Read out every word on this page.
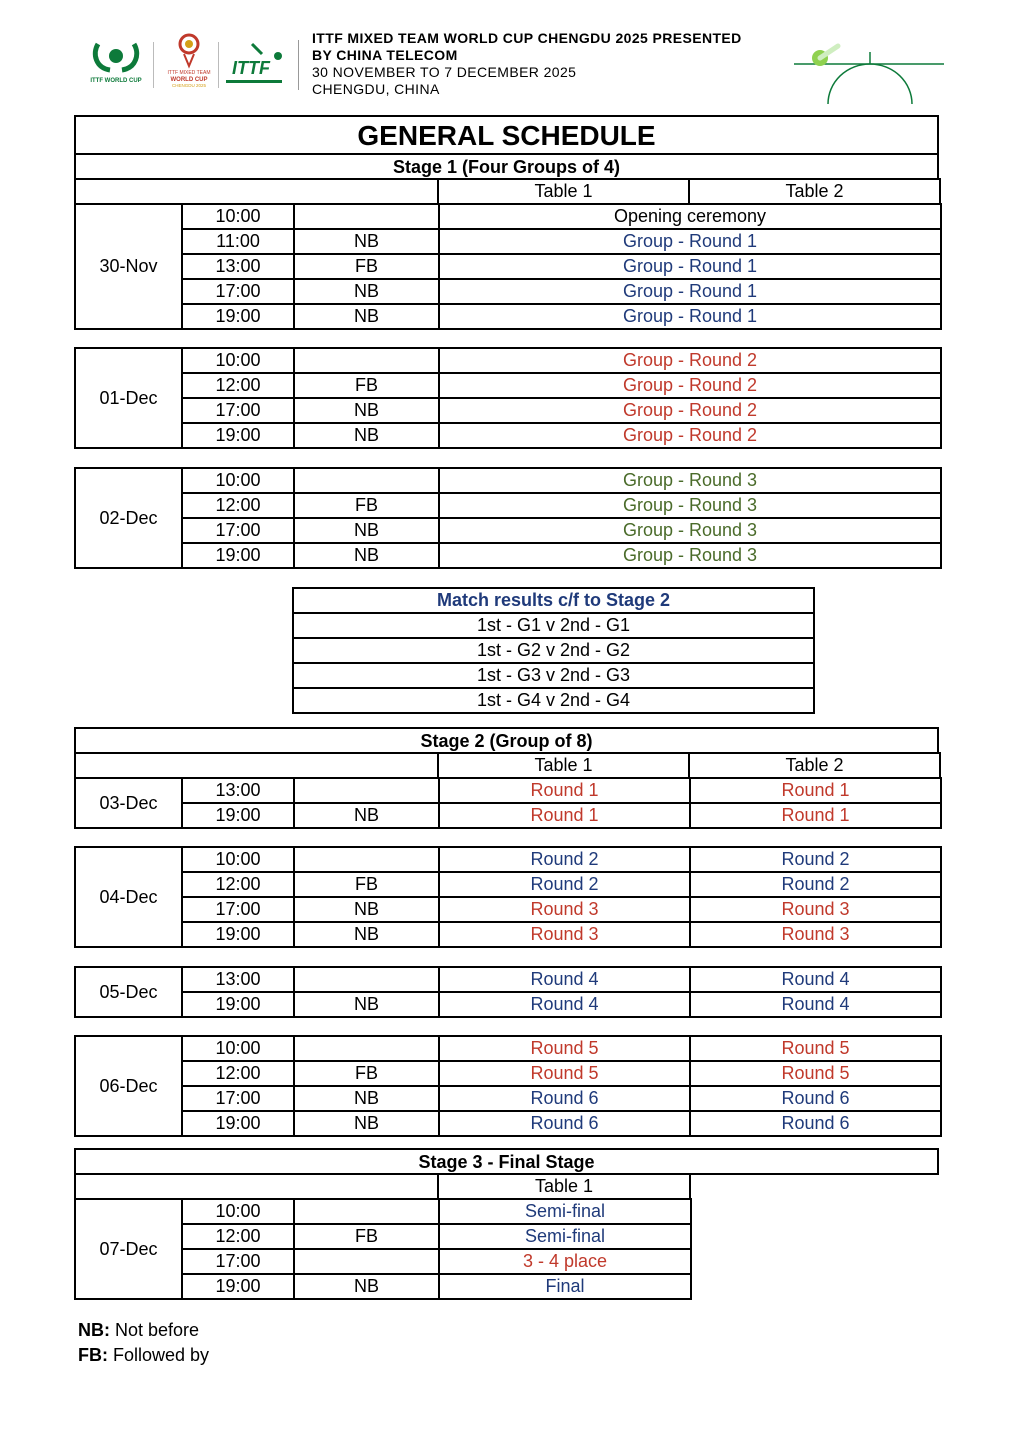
ITTF WORLD CUP
ITTF MIXED TEAM
WORLD CUP
CHENGDU 2025
ITTF
ITTF MIXED TEAM WORLD CUP CHENGDU 2025 PRESENTED
BY CHINA TELECOM
30 NOVEMBER TO 7 DECEMBER 2025
CHENGDU, CHINA
GENERAL SCHEDULE
Stage 1 (Four Groups of 4)
Table 1	Table 2
30-Nov	10:00		Opening ceremony
	11:00	NB	Group - Round 1
	13:00	FB	Group - Round 1
	17:00	NB	Group - Round 1
	19:00	NB	Group - Round 1
01-Dec	10:00		Group - Round 2
	12:00	FB	Group - Round 2
	17:00	NB	Group - Round 2
	19:00	NB	Group - Round 2
02-Dec	10:00		Group - Round 3
	12:00	FB	Group - Round 3
	17:00	NB	Group - Round 3
	19:00	NB	Group - Round 3
Match results c/f to Stage 2
1st - G1 v 2nd - G1
1st - G2 v 2nd - G2
1st - G3 v 2nd - G3
1st - G4 v 2nd - G4
Stage 2 (Group of 8)
Table 1	Table 2
03-Dec	13:00		Round 1	Round 1
	19:00	NB	Round 1	Round 1
04-Dec	10:00		Round 2	Round 2
	12:00	FB	Round 2	Round 2
	17:00	NB	Round 3	Round 3
	19:00	NB	Round 3	Round 3
05-Dec	13:00		Round 4	Round 4
	19:00	NB	Round 4	Round 4
06-Dec	10:00		Round 5	Round 5
	12:00	FB	Round 5	Round 5
	17:00	NB	Round 6	Round 6
	19:00	NB	Round 6	Round 6
Stage 3 - Final Stage
Table 1
07-Dec	10:00		Semi-final
	12:00	FB	Semi-final
	17:00		3 - 4 place
	19:00	NB	Final
NB: Not before
FB: Followed by
